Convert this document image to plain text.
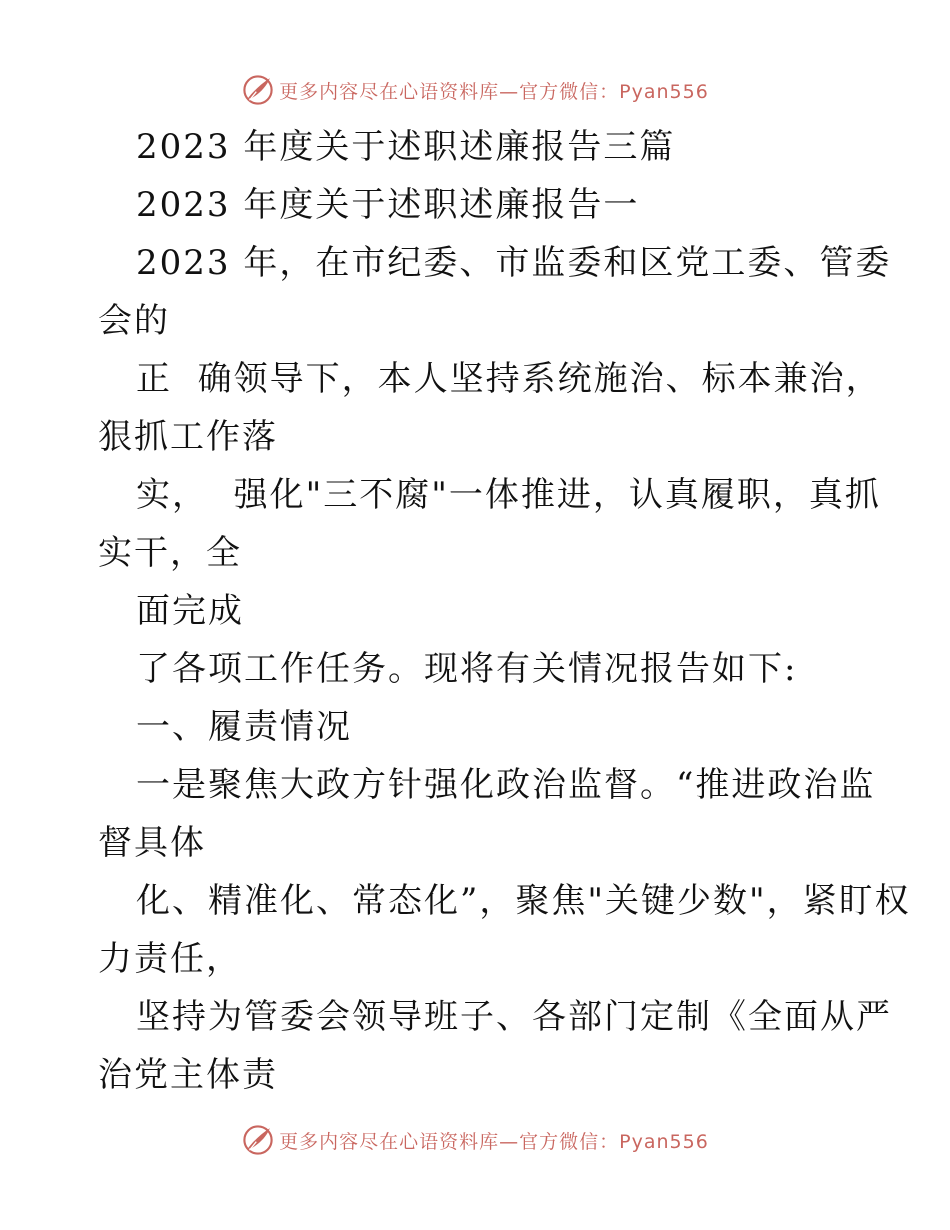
更多内容尽在心语资料库—官方微信：Pyan556
2023 年度关于述职述廉报告三篇
2023 年度关于述职述廉报告一
2023 年，在市纪委、市监委和区党工委、管委
会的
正  确领导下，本人坚持系统施治、标本兼治，
狠抓工作落
实，  强化"三不腐"一体推进，认真履职，真抓
实干，全
面完成
了各项工作任务。现将有关情况报告如下:
一、履责情况
一是聚焦大政方针强化政治监督。“推进政治监
督具体
化、精准化、常态化”，聚焦"关键少数"，紧盯权
力责任，
坚持为管委会领导班子、各部门定制《全面从严
治党主体责
更多内容尽在心语资料库—官方微信：Pyan556
